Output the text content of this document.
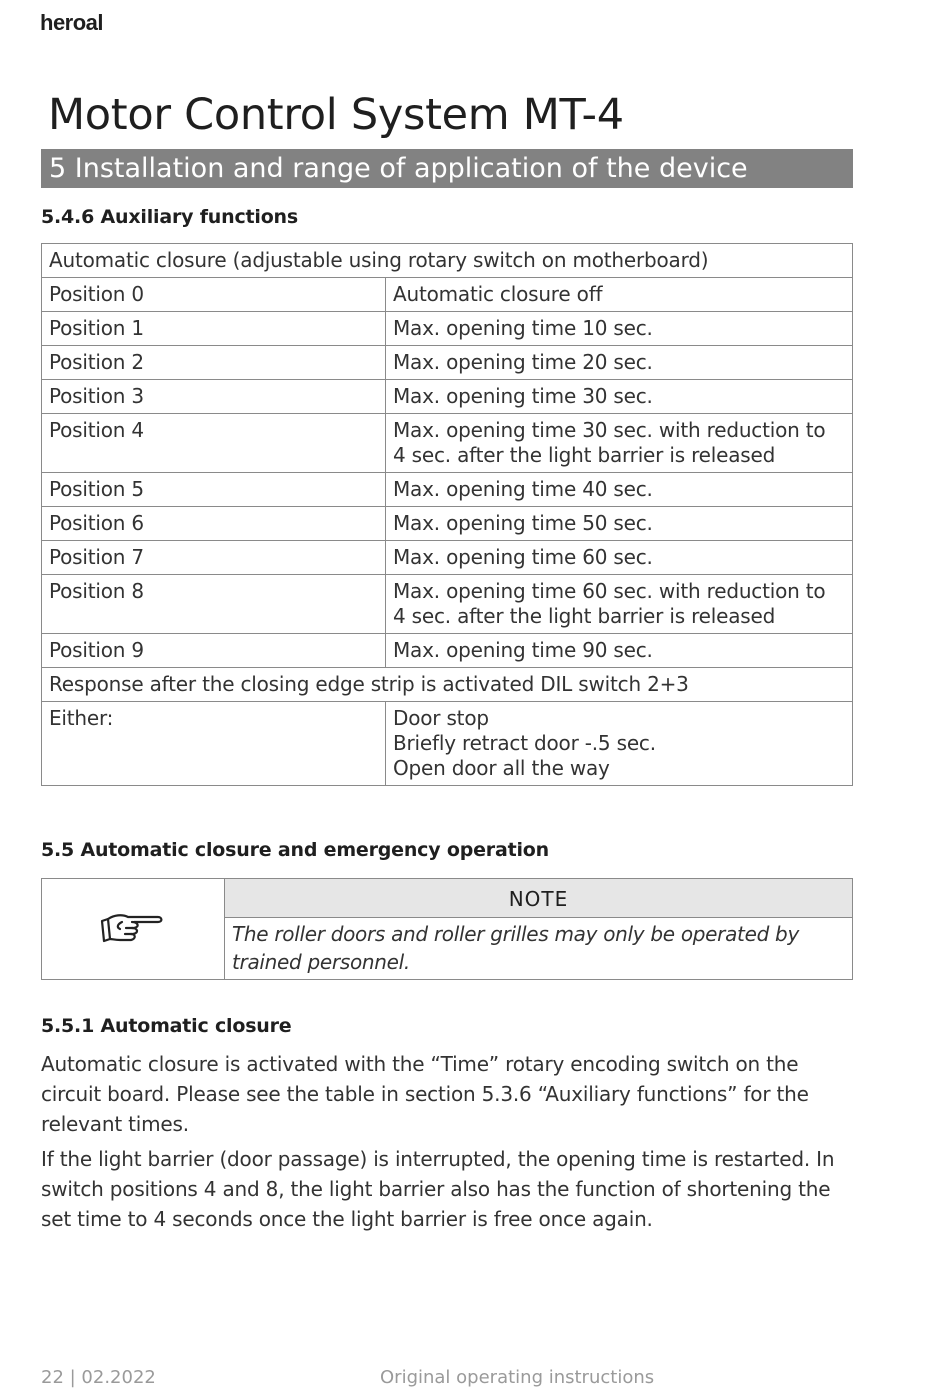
heroal
Motor Control System MT-4
5 Installation and range of application of the device
5.4.6 Auxiliary functions
Automatic closure (adjustable using rotary switch on motherboard)	
Position 0	Automatic closure off

Position 1	Max. opening time 10 sec.

Position 2	Max. opening time 20 sec.

Position 3	Max. opening time 30 sec.

Position 4	Max. opening time 30 sec. with reduction to
4 sec. after the light barrier is released

Position 5	Max. opening time 40 sec.

Position 6	Max. opening time 50 sec.

Position 7	Max. opening time 60 sec.

Position 8	Max. opening time 60 sec. with reduction to
4 sec. after the light barrier is released

Position 9	Max. opening time 90 sec.

Response after the closing edge strip is activated DIL switch 2+3	
Either:	Door stop
Briefly retract door -.5 sec.
Open door all the way
5.5 Automatic closure and emergency operation
NOTE
The roller doors and roller grilles may only be operated by trained personnel.
5.5.1 Automatic closure

Automatic closure is activated with the “Time” rotary encoding switch on the circuit board. Please see the table in section 5.3.6 “Auxiliary functions” for the relevant times.

If the light barrier (door passage) is interrupted, the opening time is restarted. In switch positions 4 and 8, the light barrier also has the function of shortening the set time to 4 seconds once the light barrier is free once again.

22 | 02.2022	Original operating instructions
